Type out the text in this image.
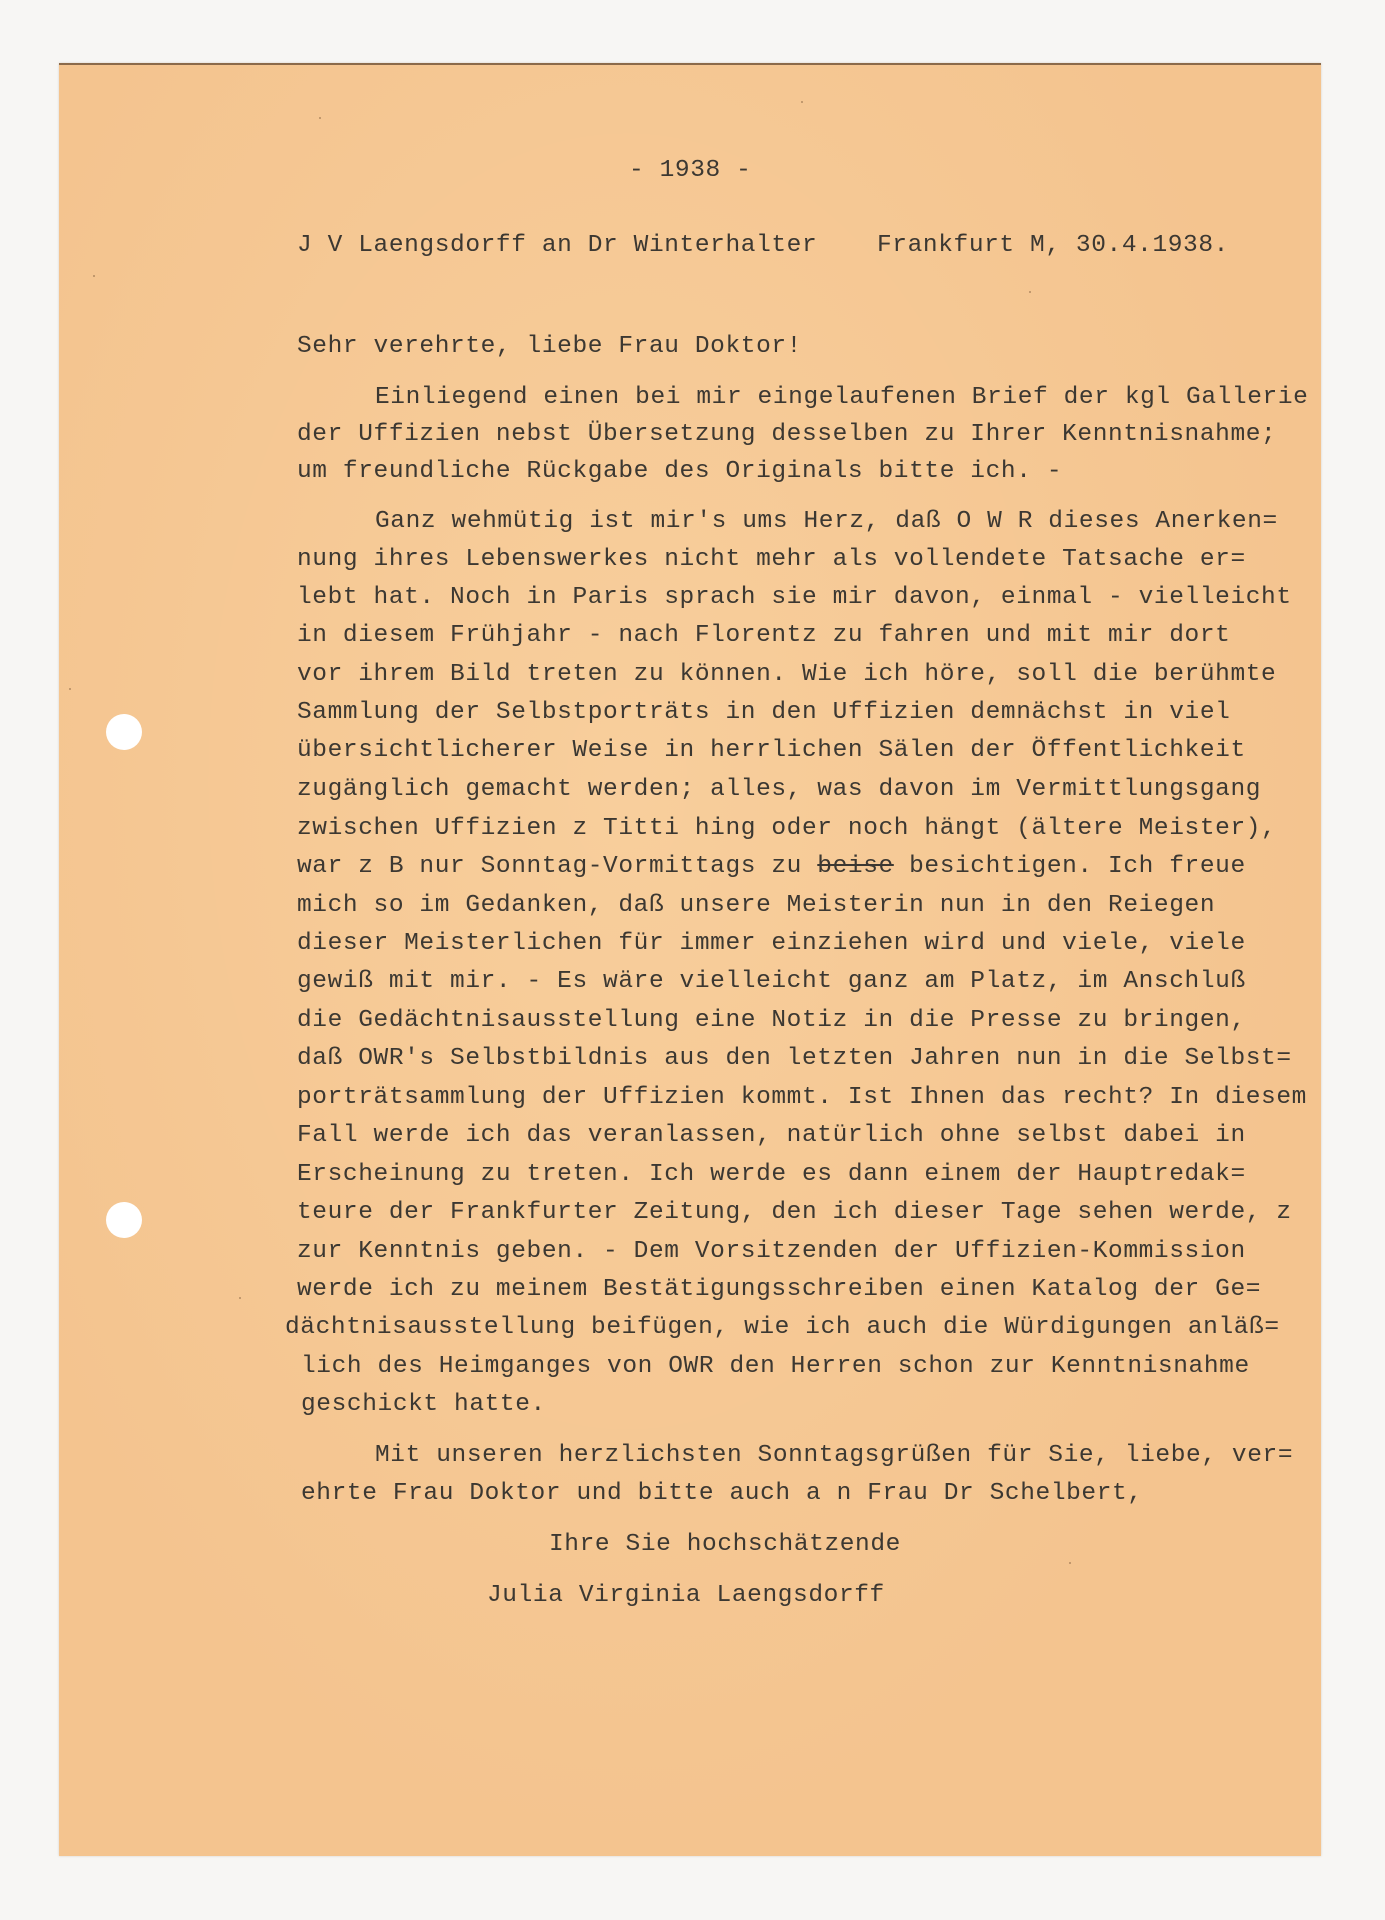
- 1938 -
J V Laengsdorff an Dr Winterhalter Frankfurt M, 30.4.1938.
Sehr verehrte, liebe Frau Doktor!
Einliegend einen bei mir eingelaufenen Brief der kgl Gallerie
der Uffizien nebst Übersetzung desselben zu Ihrer Kenntnisnahme;
um freundliche Rückgabe des Originals bitte ich. -
Ganz wehmütig ist mir's ums Herz, daß O W R dieses Anerken=
nung ihres Lebenswerkes nicht mehr als vollendete Tatsache er=
lebt hat. Noch in Paris sprach sie mir davon, einmal - vielleicht
in diesem Frühjahr - nach Florentz zu fahren und mit mir dort
vor ihrem Bild treten zu können. Wie ich höre, soll die berühmte
Sammlung der Selbstporträts in den Uffizien demnächst in viel
übersichtlicherer Weise in herrlichen Sälen der Öffentlichkeit
zugänglich gemacht werden; alles, was davon im Vermittlungsgang
zwischen Uffizien z Titti hing oder noch hängt (ältere Meister),
war z B nur Sonntag-Vormittags zu beise besichtigen. Ich freue
mich so im Gedanken, daß unsere Meisterin nun in den Reiegen
dieser Meisterlichen für immer einziehen wird und viele, viele
gewiß mit mir. - Es wäre vielleicht ganz am Platz, im Anschluß
die Gedächtnisausstellung eine Notiz in die Presse zu bringen,
daß OWR's Selbstbildnis aus den letzten Jahren nun in die Selbst=
porträtsammlung der Uffizien kommt. Ist Ihnen das recht? In diesem
Fall werde ich das veranlassen, natürlich ohne selbst dabei in
Erscheinung zu treten. Ich werde es dann einem der Hauptredak=
teure der Frankfurter Zeitung, den ich dieser Tage sehen werde, z
zur Kenntnis geben. - Dem Vorsitzenden der Uffizien-Kommission
werde ich zu meinem Bestätigungsschreiben einen Katalog der Ge=
dächtnisausstellung beifügen, wie ich auch die Würdigungen anläß=
lich des Heimganges von OWR den Herren schon zur Kenntnisnahme
geschickt hatte.
Mit unseren herzlichsten Sonntagsgrüßen für Sie, liebe, ver=
ehrte Frau Doktor und bitte auch a n Frau Dr Schelbert,
Ihre Sie hochschätzende
Julia Virginia Laengsdorff
